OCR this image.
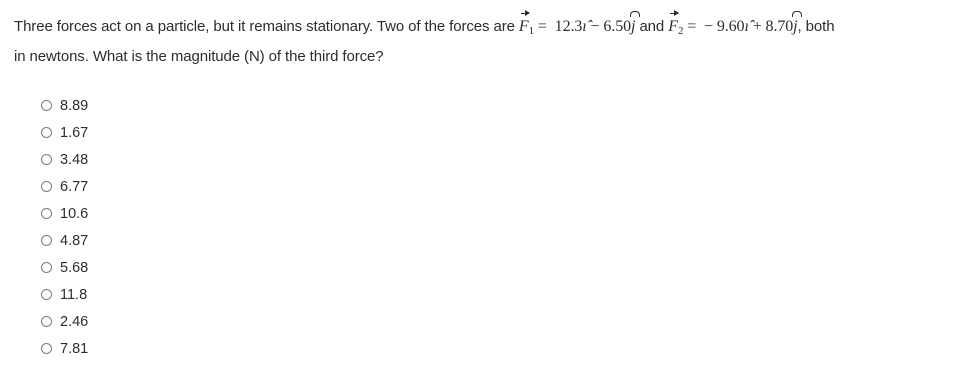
Three forces act on a particle, but it remains stationary. Two of the forces are $F_1$ = 12.3ı̂ − 6.50j and $F_2$ = − 9.60ı̂ + 8.70j, both
in newtons. What is the magnitude (N) of the third force?
8.89
1.67
3.48
6.77
10.6
4.87
5.68
11.8
2.46
7.81
